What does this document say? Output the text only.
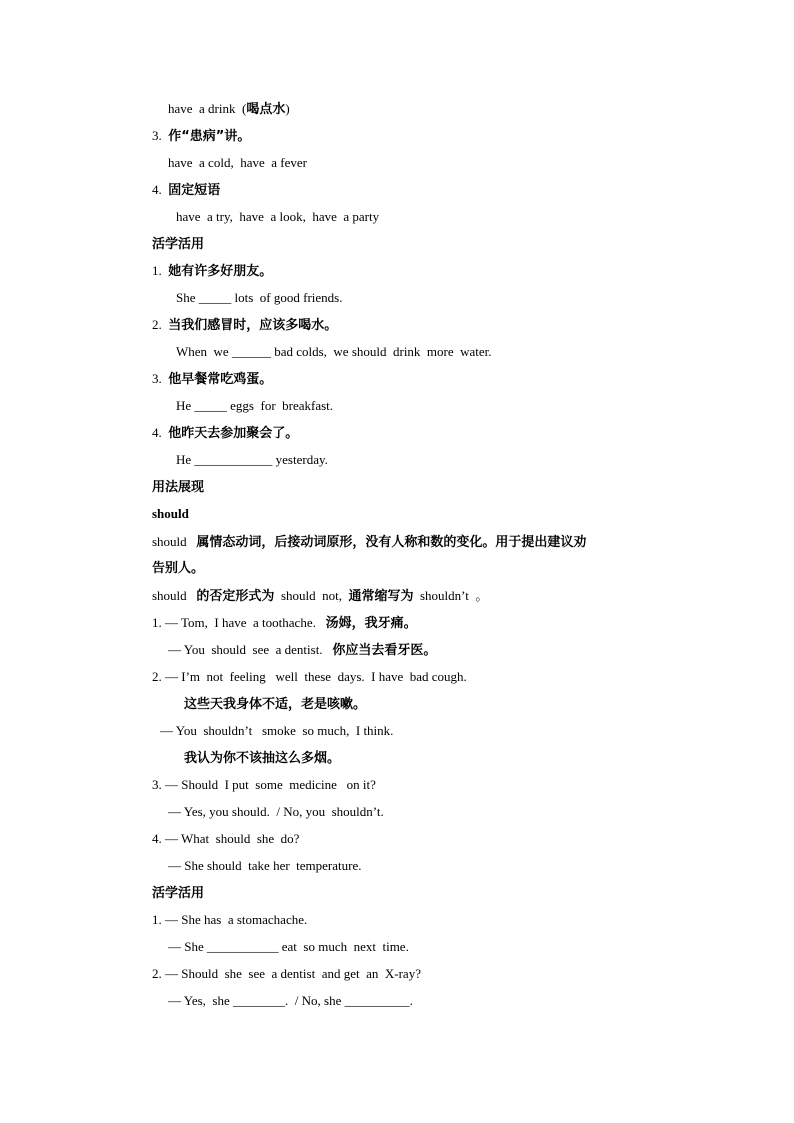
have  a drink  (喝点水)
3.  作“患病”讲。
have  a cold,  have  a fever
4.  固定短语
have  a try,  have  a look,  have  a party
活学活用
1.  她有许多好朋友。
She _____ lots  of good friends.
2.  当我们感冒时，应该多喝水。
When  we ______ bad colds,  we should  drink  more  water.
3.  他早餐常吃鸡蛋。
He _____ eggs  for  breakfast.
4.  他昨天去参加聚会了。
He ____________ yesterday.
用法展现
should
should   属情态动词，后接动词原形，没有人称和数的变化。用于提出建议劝
告别人。
should   的否定形式为  should  not,  通常缩写为  shouldn’t  。
1. — Tom,  I have  a toothache.   汤姆，我牙痛。
— You  should  see  a dentist.   你应当去看牙医。
2. — I’m  not  feeling   well  these  days.  I have  bad cough.
这些天我身体不适，老是咳嗽。
— You  shouldn’t   smoke  so much,  I think.
我认为你不该抽这么多烟。
3. — Should  I put  some  medicine   on it?
— Yes, you should.  / No, you  shouldn’t.
4. — What  should  she  do?
— She should  take her  temperature.
活学活用
1. — She has  a stomachache.
— She ___________ eat  so much  next  time.
2. — Should  she  see  a dentist  and get  an  X-ray?
— Yes,  she ________.  / No, she __________.
